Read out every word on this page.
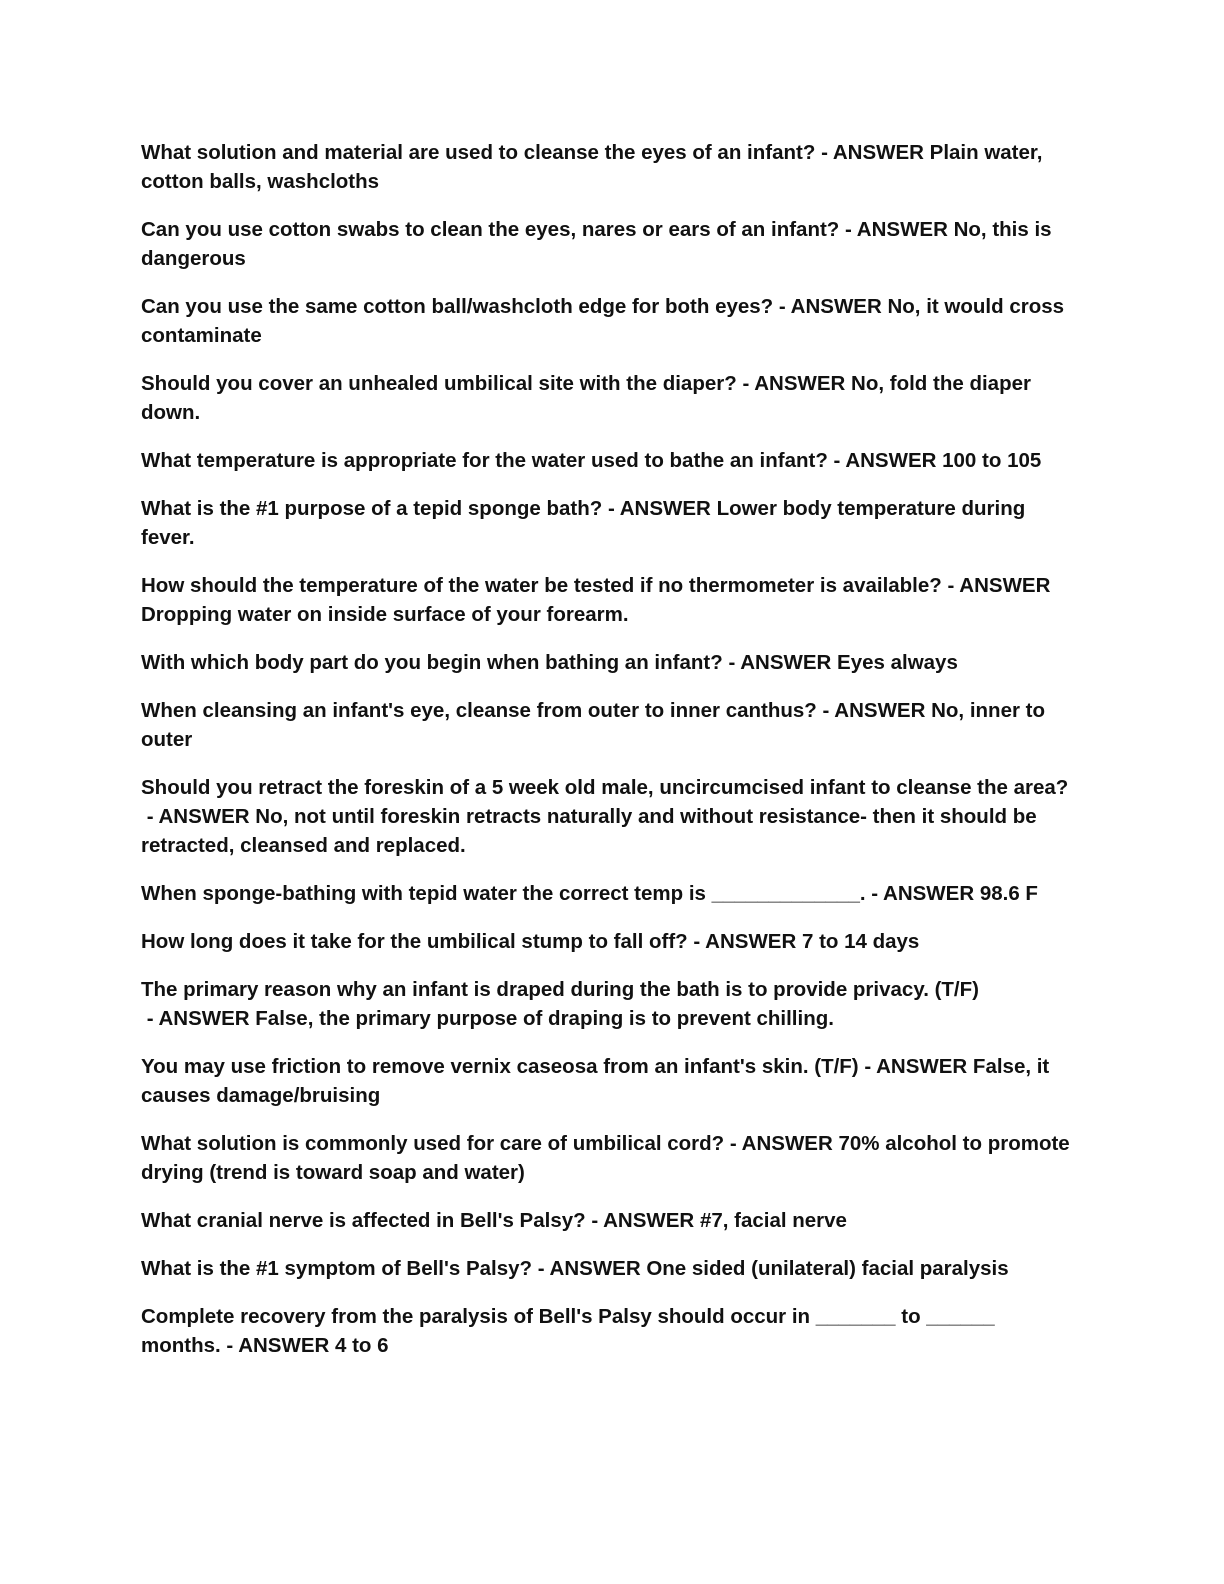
What solution and material are used to cleanse the eyes of an infant? - ANSWER Plain water, cotton balls, washcloths

Can you use cotton swabs to clean the eyes, nares or ears of an infant? - ANSWER No, this is dangerous

Can you use the same cotton ball/washcloth edge for both eyes? - ANSWER No, it would cross contaminate

Should you cover an unhealed umbilical site with the diaper? - ANSWER No, fold the diaper down.

What temperature is appropriate for the water used to bathe an infant? - ANSWER 100 to 105

What is the #1 purpose of a tepid sponge bath? - ANSWER Lower body temperature during fever.

How should the temperature of the water be tested if no thermometer is available? - ANSWER Dropping water on inside surface of your forearm.

With which body part do you begin when bathing an infant? - ANSWER Eyes always

When cleansing an infant's eye, cleanse from outer to inner canthus? - ANSWER No, inner to outer

Should you retract the foreskin of a 5 week old male, uncircumcised infant to cleanse the area? - ANSWER No, not until foreskin retracts naturally and without resistance- then it should be retracted, cleansed and replaced.

When sponge-bathing with tepid water the correct temp is _____________. - ANSWER 98.6 F

How long does it take for the umbilical stump to fall off? - ANSWER 7 to 14 days

The primary reason why an infant is draped during the bath is to provide privacy. (T/F) - ANSWER False, the primary purpose of draping is to prevent chilling.

You may use friction to remove vernix caseosa from an infant's skin. (T/F) - ANSWER False, it causes damage/bruising

What solution is commonly used for care of umbilical cord? - ANSWER 70% alcohol to promote drying (trend is toward soap and water)

What cranial nerve is affected in Bell's Palsy? - ANSWER #7, facial nerve

What is the #1 symptom of Bell's Palsy? - ANSWER One sided (unilateral) facial paralysis

Complete recovery from the paralysis of Bell's Palsy should occur in _______ to ______ months. - ANSWER 4 to 6
